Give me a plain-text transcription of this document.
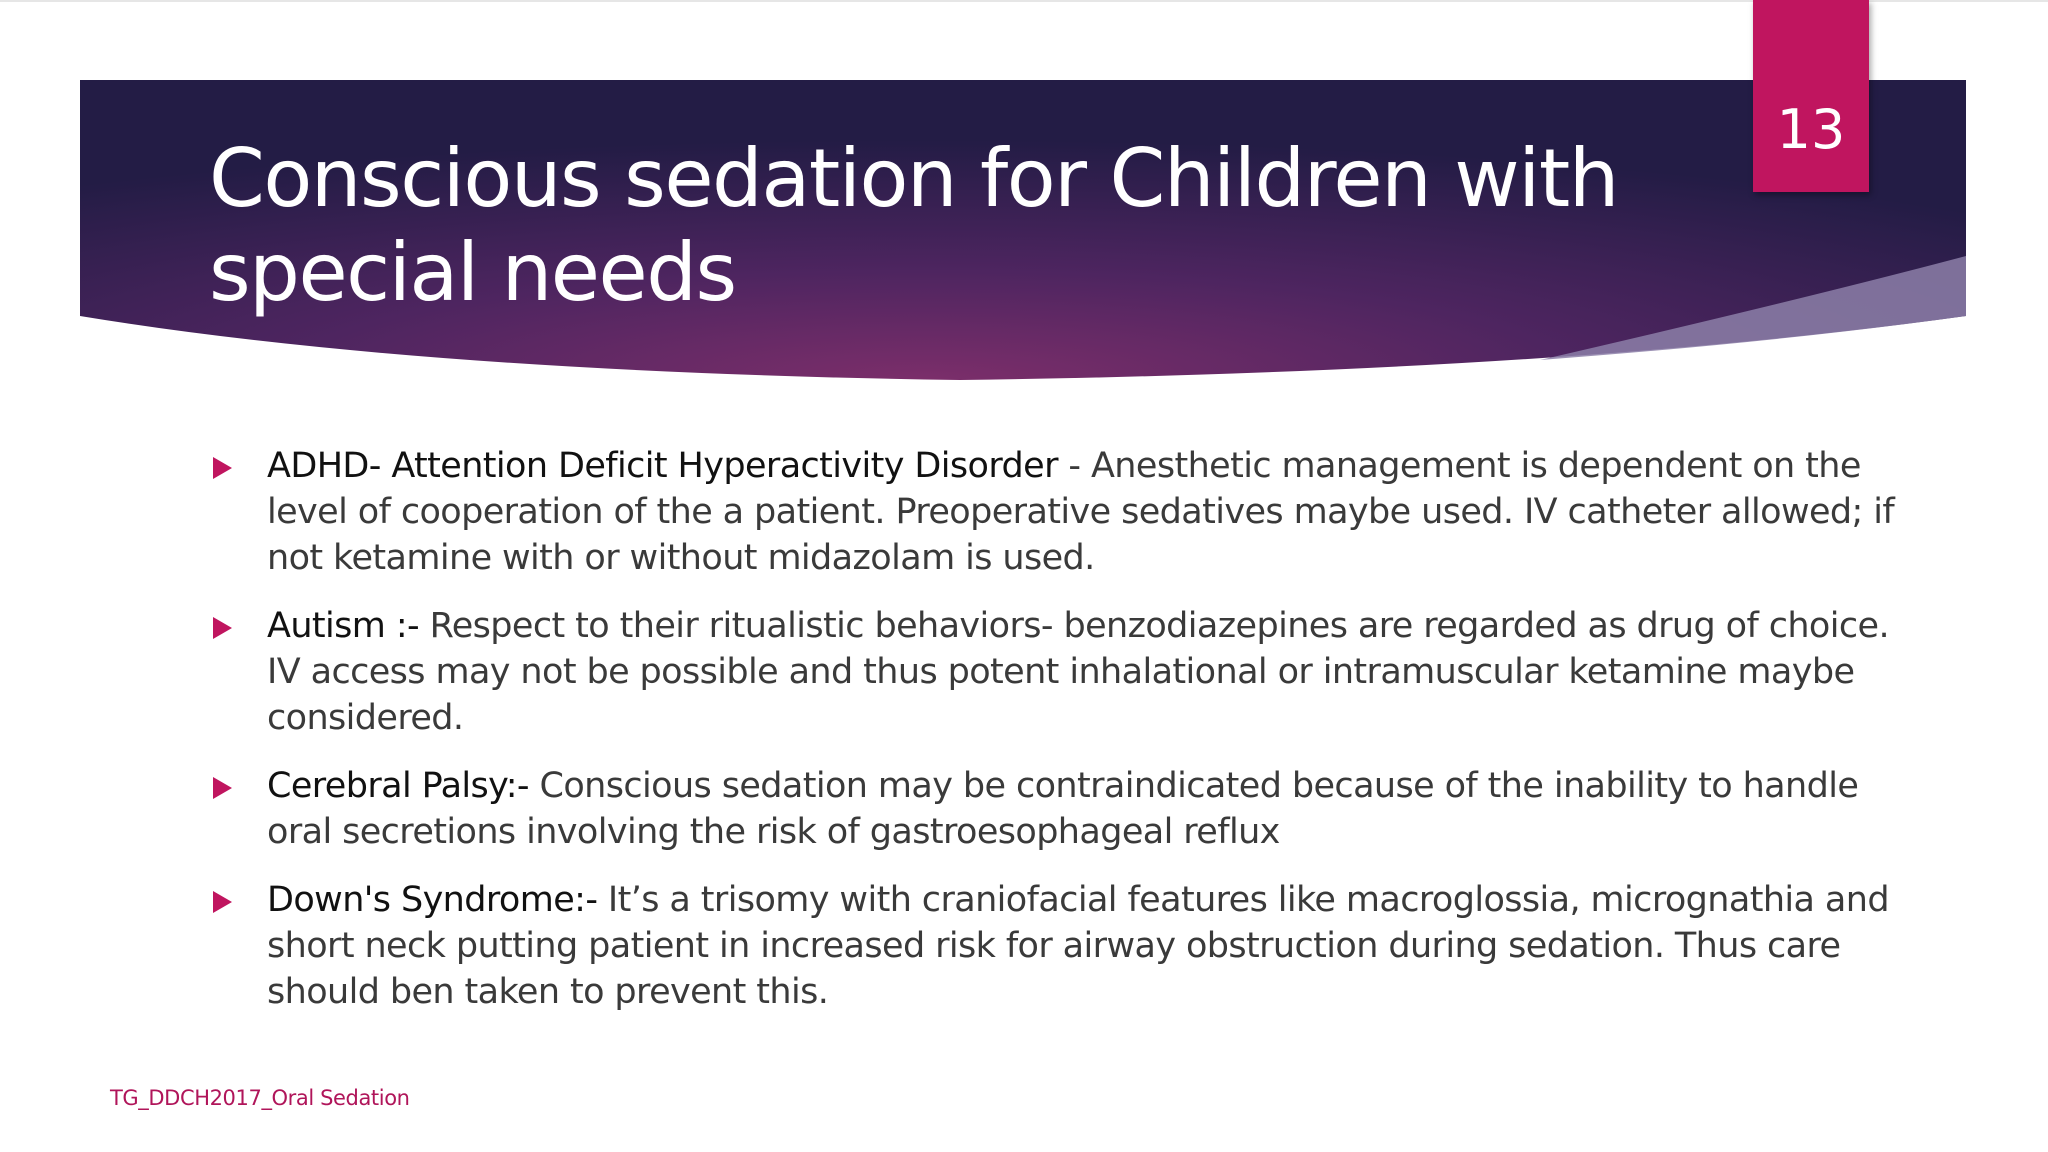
Conscious sedation for Children with special needs
13
ADHD- Attention Deficit Hyperactivity Disorder - Anesthetic management is dependent on the level of cooperation of the a patient. Preoperative sedatives maybe used. IV catheter allowed; if not ketamine with or without midazolam is used.
Autism :- Respect to their ritualistic behaviors- benzodiazepines are regarded as drug of choice. IV access may not be possible and thus potent inhalational or intramuscular ketamine maybe considered.
Cerebral Palsy:- Conscious sedation may be contraindicated because of the inability to handle oral secretions involving the risk of gastroesophageal reflux
Down's Syndrome:- It’s a trisomy with craniofacial features like macroglossia, micrognathia and short neck putting patient in increased risk for airway obstruction during sedation. Thus care should ben taken to prevent this.
TG_DDCH2017_Oral Sedation
